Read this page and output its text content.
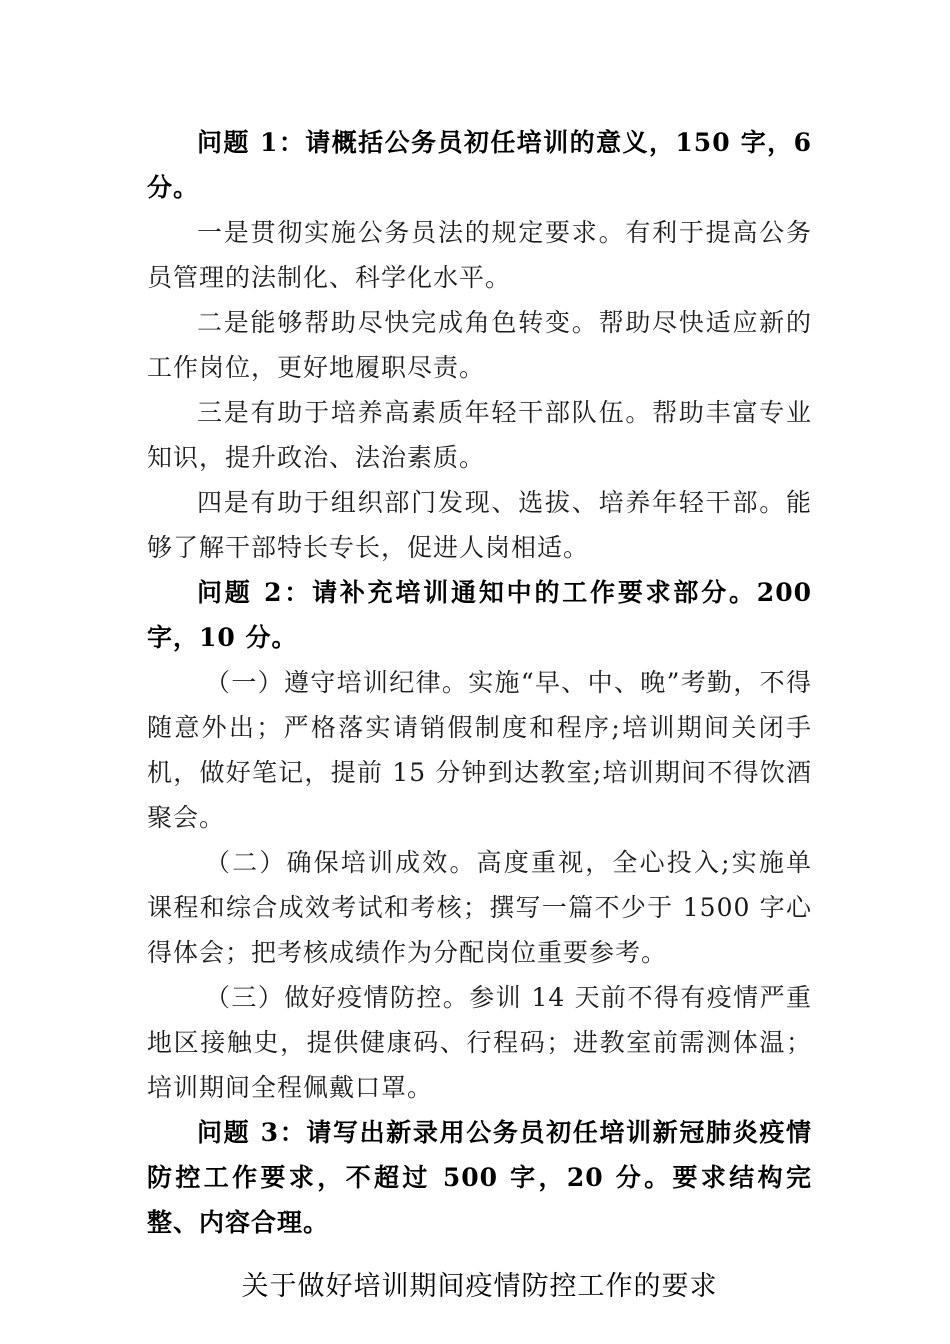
问题 1：请概括公务员初任培训的意义，150 字，6 分。

一是贯彻实施公务员法的规定要求。有利于提高公务员管理的法制化、科学化水平。

二是能够帮助尽快完成角色转变。帮助尽快适应新的工作岗位，更好地履职尽责。

三是有助于培养高素质年轻干部队伍。帮助丰富专业知识，提升政治、法治素质。

四是有助于组织部门发现、选拔、培养年轻干部。能够了解干部特长专长，促进人岗相适。

问题 2：请补充培训通知中的工作要求部分。200 字，10 分。

（一）遵守培训纪律。实施“早、中、晚”考勤，不得随意外出；严格落实请销假制度和程序;培训期间关闭手机，做好笔记，提前 15 分钟到达教室;培训期间不得饮酒聚会。

（二）确保培训成效。高度重视，全心投入;实施单课程和综合成效考试和考核；撰写一篇不少于 1500 字心得体会；把考核成绩作为分配岗位重要参考。

（三）做好疫情防控。参训 14 天前不得有疫情严重地区接触史，提供健康码、行程码；进教室前需测体温；培训期间全程佩戴口罩。

问题 3：请写出新录用公务员初任培训新冠肺炎疫情防控工作要求，不超过 500 字，20 分。要求结构完整、内容合理。

关于做好培训期间疫情防控工作的要求
